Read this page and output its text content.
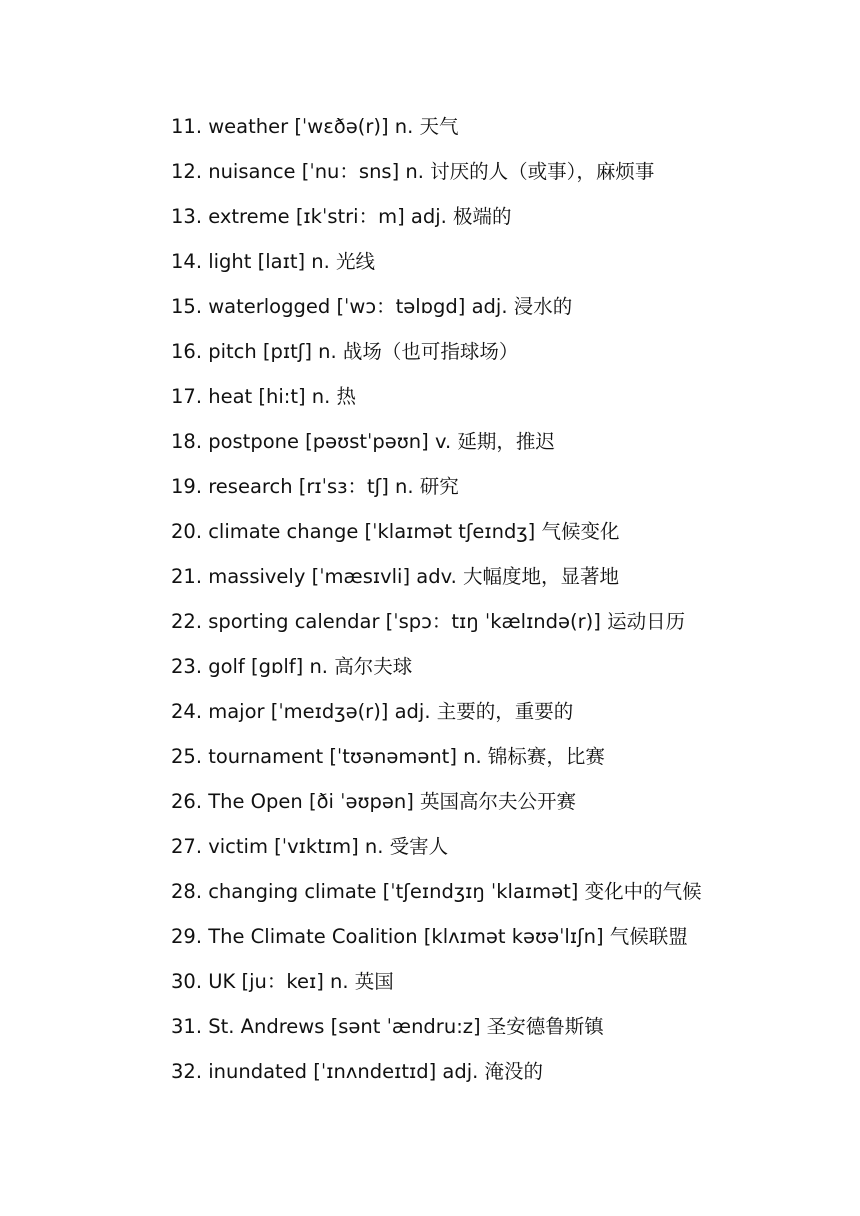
11. weather [ˈwɛðə(r)] n. 天气
12. nuisance [ˈnu：sns] n. 讨厌的人（或事），麻烦事
13. extreme [ɪkˈstri：m] adj. 极端的
14. light [laɪt] n. 光线
15. waterlogged [ˈwɔ：təlɒgd] adj. 浸水的
16. pitch [pɪtʃ] n. 战场（也可指球场）
17. heat [hi:t] n. 热
18. postpone [pəʊstˈpəʊn] v. 延期，推迟
19. research [rɪˈsɜ：tʃ] n. 研究
20. climate change [ˈklaɪmət tʃeɪndʒ] 气候变化
21. massively [ˈmæsɪvli] adv. 大幅度地，显著地
22. sporting calendar [ˈspɔ：tɪŋ ˈkælɪndə(r)] 运动日历
23. golf [gɒlf] n. 高尔夫球
24. major [ˈmeɪdʒə(r)] adj. 主要的，重要的
25. tournament [ˈtʊənəmənt] n. 锦标赛，比赛
26. The Open [ði ˈəʊpən] 英国高尔夫公开赛
27. victim [ˈvɪktɪm] n. 受害人
28. changing climate [ˈtʃeɪndʒɪŋ ˈklaɪmət] 变化中的气候
29. The Climate Coalition [klʌɪmət kəʊəˈlɪʃn] 气候联盟
30. UK [ju：keɪ] n. 英国
31. St. Andrews [sənt ˈændru:z] 圣安德鲁斯镇
32. inundated [ˈɪnʌndeɪtɪd] adj. 淹没的
